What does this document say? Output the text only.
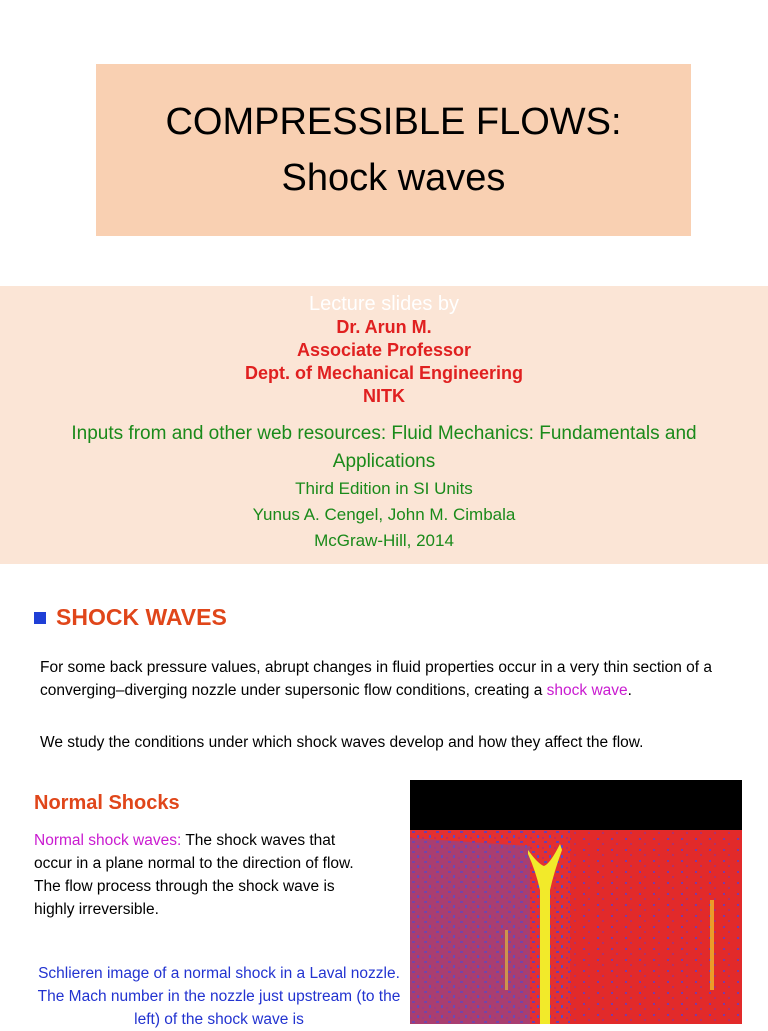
COMPRESSIBLE FLOWS:
Shock waves
Lecture slides by
Dr. Arun M.
Associate Professor
Dept. of Mechanical Engineering
NITK
Inputs from and other web resources: Fluid Mechanics: Fundamentals and Applications
Third Edition in SI Units
Yunus A. Cengel, John M. Cimbala
McGraw-Hill, 2014
SHOCK WAVES
For some back pressure values, abrupt changes in fluid properties occur in a very thin section of a converging–diverging nozzle under supersonic flow conditions, creating a shock wave.
We study the conditions under which shock waves develop and how they affect the flow.
Normal Shocks
Normal shock waves: The shock waves that occur in a plane normal to the direction of flow. The flow process through the shock wave is highly irreversible.
Schlieren image of a normal shock in a Laval nozzle. The Mach number in the nozzle just upstream (to the left) of the shock wave is
